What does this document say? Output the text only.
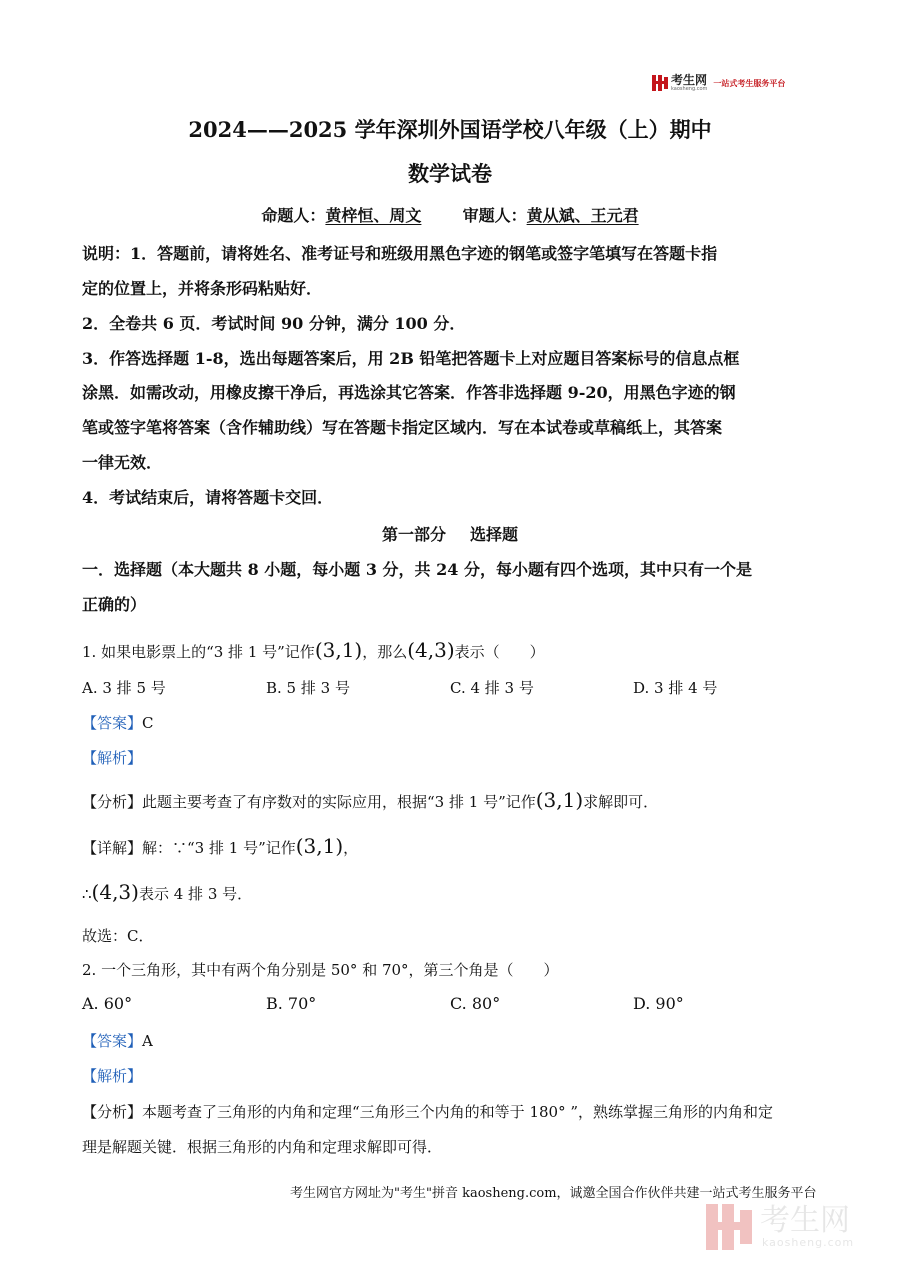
考生网
kaosheng.com
一站式考生服务平台
2024——2025 学年深圳外国语学校八年级（上）期中
数学试卷
命题人：黄梓恒、周文	审题人：黄从斌、王元君
说明：1．答题前，请将姓名、准考证号和班级用黑色字迹的钢笔或签字笔填写在答题卡指
定的位置上，并将条形码粘贴好．
2．全卷共 6 页．考试时间 90 分钟，满分 100 分．
3．作答选择题 1-8，选出每题答案后，用 2B 铅笔把答题卡上对应题目答案标号的信息点框
涂黑．如需改动，用橡皮擦干净后，再选涂其它答案．作答非选择题 9-20，用黑色字迹的钢
笔或签字笔将答案（含作辅助线）写在答题卡指定区域内．写在本试卷或草稿纸上，其答案
一律无效．
4．考试结束后，请将答题卡交回．
第一部分 选择题
一．选择题（本大题共 8 小题，每小题 3 分，共 24 分，每小题有四个选项，其中只有一个是
正确的）
1. 如果电影票上的“3 排 1 号”记作(3,1)，那么(4,3)表示（　　）
A. 3 排 5 号	B. 5 排 3 号	C. 4 排 3 号	D. 3 排 4 号
【答案】C
【解析】
【分析】此题主要考查了有序数对的实际应用，根据“3 排 1 号”记作(3,1)求解即可．
【详解】解：∵“3 排 1 号”记作(3,1)，
∴(4,3)表示 4 排 3 号．
故选：C．
2. 一个三角形，其中有两个角分别是 50° 和 70°，第三个角是（　　）
A. 60°	B. 70°	C. 80°	D. 90°
【答案】A
【解析】
【分析】本题考查了三角形的内角和定理“三角形三个内角的和等于 180° ”，熟练掌握三角形的内角和定
理是解题关键．根据三角形的内角和定理求解即可得．
考生网官方网址为"考生"拼音 kaosheng.com，诚邀全国合作伙伴共建一站式考生服务平台
考生网
kaosheng.com
